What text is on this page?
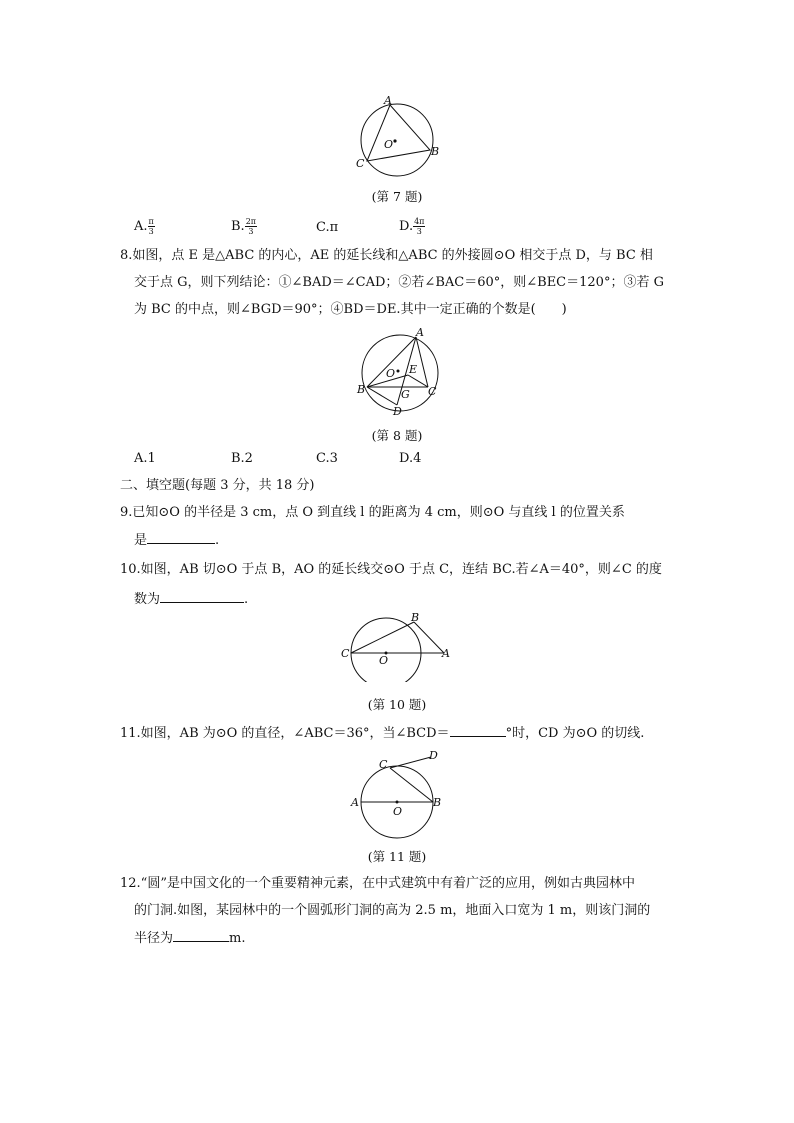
A
B
C
O
(第 7 题)
A. $\frac{\pi}{3}$	B. $\frac{2\pi}{3}$	C.π	D. $\frac{4\pi}{3}$
8.如图，点 E 是△ABC 的内心，AE 的延长线和△ABC 的外接圆⊙O 相交于点 D，与 BC 相
交于点 G，则下列结论：①∠BAD＝∠CAD；②若∠BAC＝60°，则∠BEC＝120°；③若 G
为 BC 的中点，则∠BGD＝90°；④BD＝DE.其中一定正确的个数是(　　)
A
B	C
D
E
G
O
(第 8 题)
A.1	B.2	C.3	D.4
二、填空题(每题 3 分，共 18 分)
9.已知⊙O 的半径是 3 cm，点 O 到直线 l 的距离为 4 cm，则⊙O 与直线 l 的位置关系
是	.
10.如图，AB 切⊙O 于点 B，AO 的延长线交⊙O 于点 C，连结 BC.若∠A＝40°，则∠C 的度
数为	.
A
B
C
O
(第 10 题)
11.如图，AB 为⊙O 的直径，∠ABC＝36°，当∠BCD＝	°时，CD 为⊙O 的切线.
A	B
C
D
O
(第 11 题)
12.“圆”是中国文化的一个重要精神元素，在中式建筑中有着广泛的应用，例如古典园林中
的门洞.如图，某园林中的一个圆弧形门洞的高为 2.5 m，地面入口宽为 1 m，则该门洞的
半径为	m.
